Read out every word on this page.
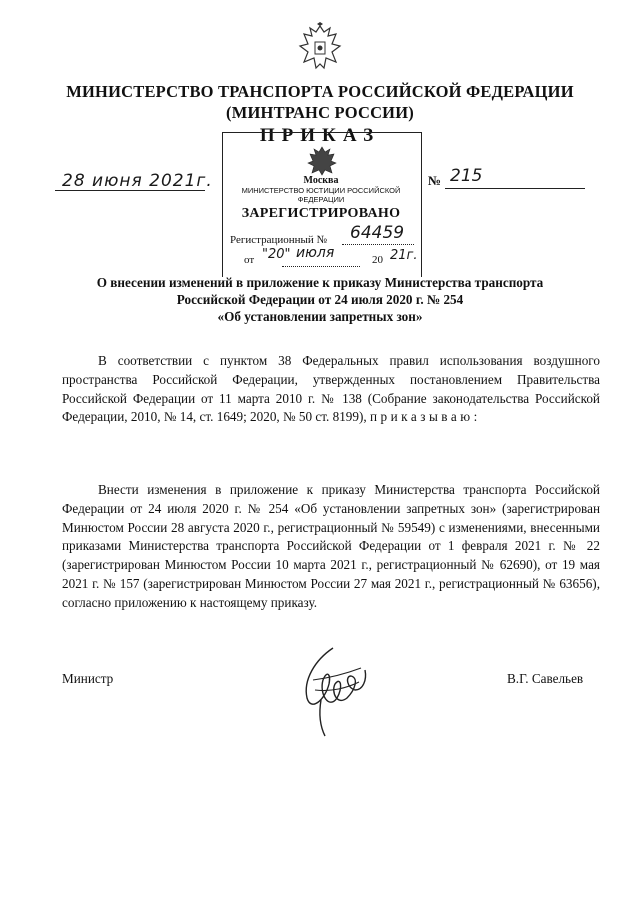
МИНИСТЕРСТВО ТРАНСПОРТА РОССИЙСКОЙ ФЕДЕРАЦИИ
(МИНТРАНС РОССИИ)
ПРИКАЗ
28 июня 2021г.	№ 215
Москва
МИНИСТЕРСТВО ЮСТИЦИИ РОССИЙСКОЙ ФЕДЕРАЦИИ
ЗАРЕГИСТРИРОВАНО
Регистрационный № 64459
от "20" июля	20 21г.
О внесении изменений в приложение к приказу Министерства транспорта
Российской Федерации от 24 июля 2020 г. № 254
«Об установлении запретных зон»
В соответствии с пунктом 38 Федеральных правил использования воздушного пространства Российской Федерации, утвержденных постановлением Правительства Российской Федерации от 11 марта 2010 г. № 138 (Собрание законодательства Российской Федерации, 2010, № 14, ст. 1649; 2020, № 50 ст. 8199), приказываю:
Внести изменения в приложение к приказу Министерства транспорта Российской Федерации от 24 июля 2020 г. № 254 «Об установлении запретных зон» (зарегистрирован Минюстом России 28 августа 2020 г., регистрационный № 59549) с изменениями, внесенными приказами Министерства транспорта Российской Федерации от 1 февраля 2021 г. № 22 (зарегистрирован Минюстом России 10 марта 2021 г., регистрационный № 62690), от 19 мая 2021 г. № 157 (зарегистрирован Минюстом России 27 мая 2021 г., регистрационный № 63656), согласно приложению к настоящему приказу.
Министр	В.Г. Савельев
